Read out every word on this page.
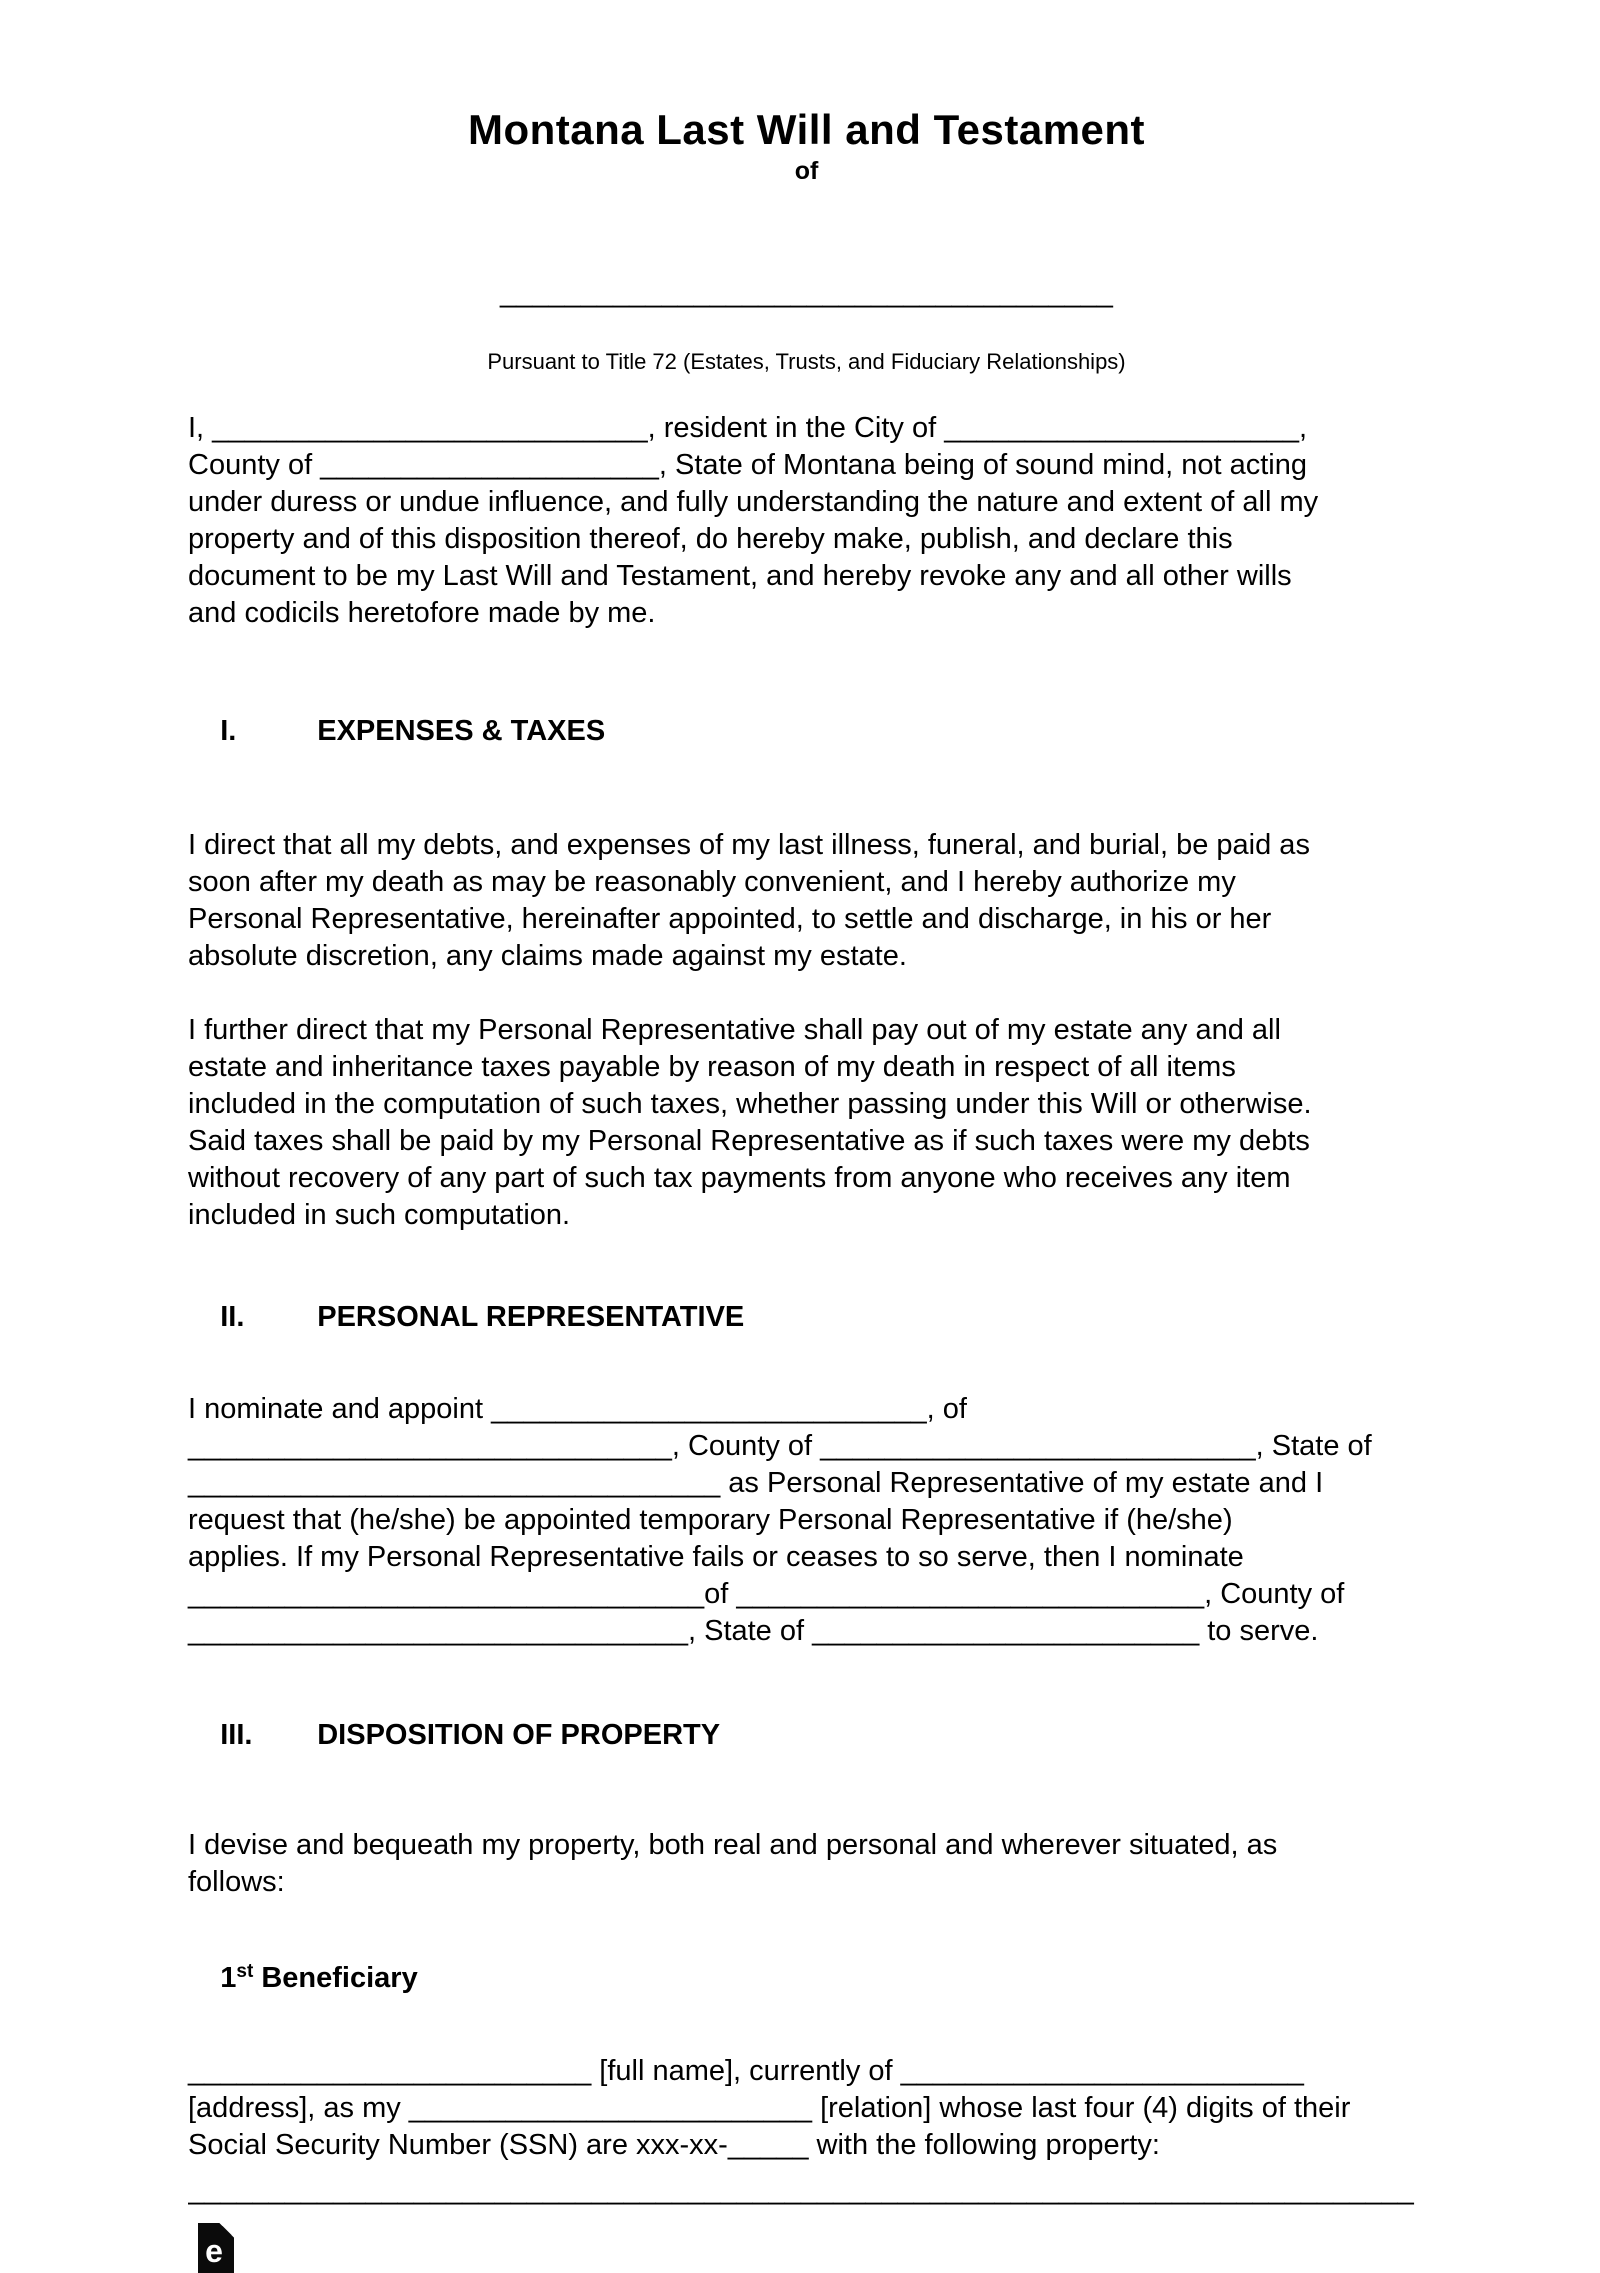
Montana Last Will and Testament
of
______________________________________
Pursuant to Title 72 (Estates, Trusts, and Fiduciary Relationships)
I, ___________________________, resident in the City of ______________________,
County of _____________________, State of Montana being of sound mind, not acting
under duress or undue influence, and fully understanding the nature and extent of all my
property and of this disposition thereof, do hereby make, publish, and declare this
document to be my Last Will and Testament, and hereby revoke any and all other wills
and codicils heretofore made by me.

I.	EXPENSES & TAXES

I direct that all my debts, and expenses of my last illness, funeral, and burial, be paid as
soon after my death as may be reasonably convenient, and I hereby authorize my
Personal Representative, hereinafter appointed, to settle and discharge, in his or her
absolute discretion, any claims made against my estate.
I further direct that my Personal Representative shall pay out of my estate any and all
estate and inheritance taxes payable by reason of my death in respect of all items
included in the computation of such taxes, whether passing under this Will or otherwise.
Said taxes shall be paid by my Personal Representative as if such taxes were my debts
without recovery of any part of such tax payments from anyone who receives any item
included in such computation.

II.	PERSONAL REPRESENTATIVE

I nominate and appoint ___________________________, of
______________________________, County of ___________________________, State of
_________________________________ as Personal Representative of my estate and I
request that (he/she) be appointed temporary Personal Representative if (he/she)
applies. If my Personal Representative fails or ceases to so serve, then I nominate
________________________________of _____________________________, County of
_______________________________, State of ________________________ to serve.

III. DISPOSITION OF PROPERTY

I devise and bequeath my property, both real and personal and wherever situated, as
follows:

1st Beneficiary

_________________________ [full name], currently of _________________________
[address], as my _________________________ [relation] whose last four (4) digits of their
Social Security Number (SSN) are xxx-xx-_____ with the following property:
____________________________________________________________________________
e
